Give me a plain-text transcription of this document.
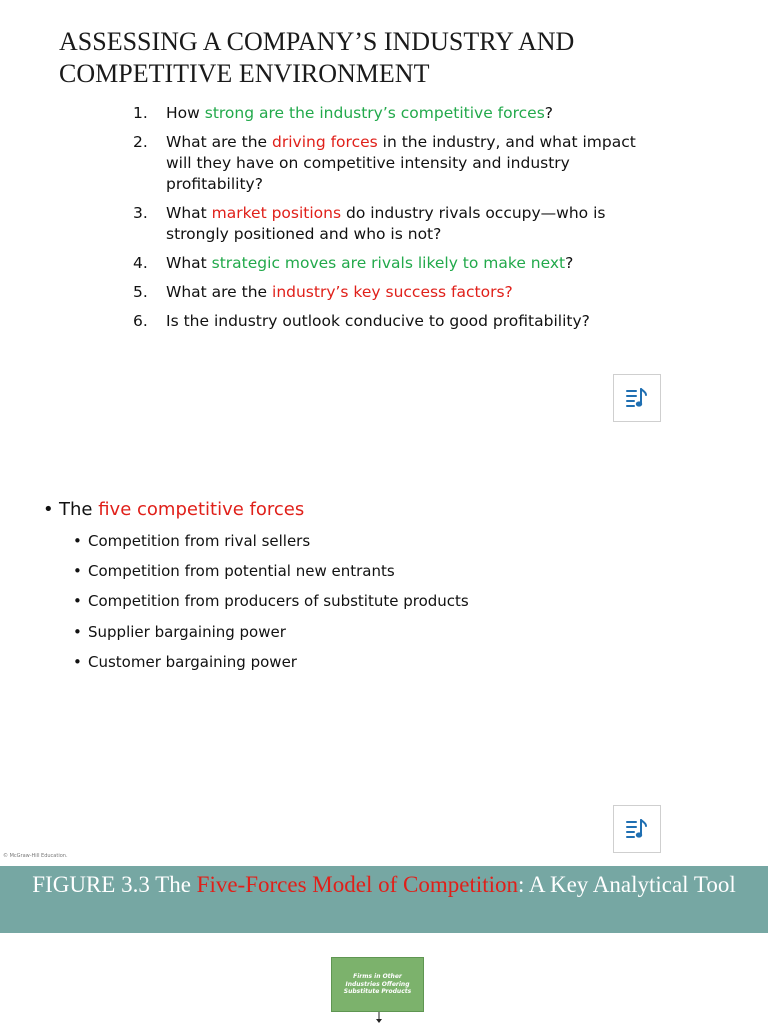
ASSESSING A COMPANY’S INDUSTRY AND COMPETITIVE ENVIRONMENT
1. How strong are the industry’s competitive forces?
2. What are the driving forces in the industry, and what impact will they have on competitive intensity and industry profitability?
3. What market positions do industry rivals occupy—who is strongly positioned and who is not?
4. What strategic moves are rivals likely to make next?
5. What are the industry’s key success factors?
6. Is the industry outlook conducive to good profitability?
• The
five competitive forces
• Competition from rival sellers
• Competition from potential new entrants
• Competition from producers of substitute products
• Supplier bargaining power
• Customer bargaining power
© McGraw-Hill Education.
FIGURE 3.3 The Five-Forces Model of Competition: A Key Analytical Tool
Firms in Other Industries Offering Substitute Products
